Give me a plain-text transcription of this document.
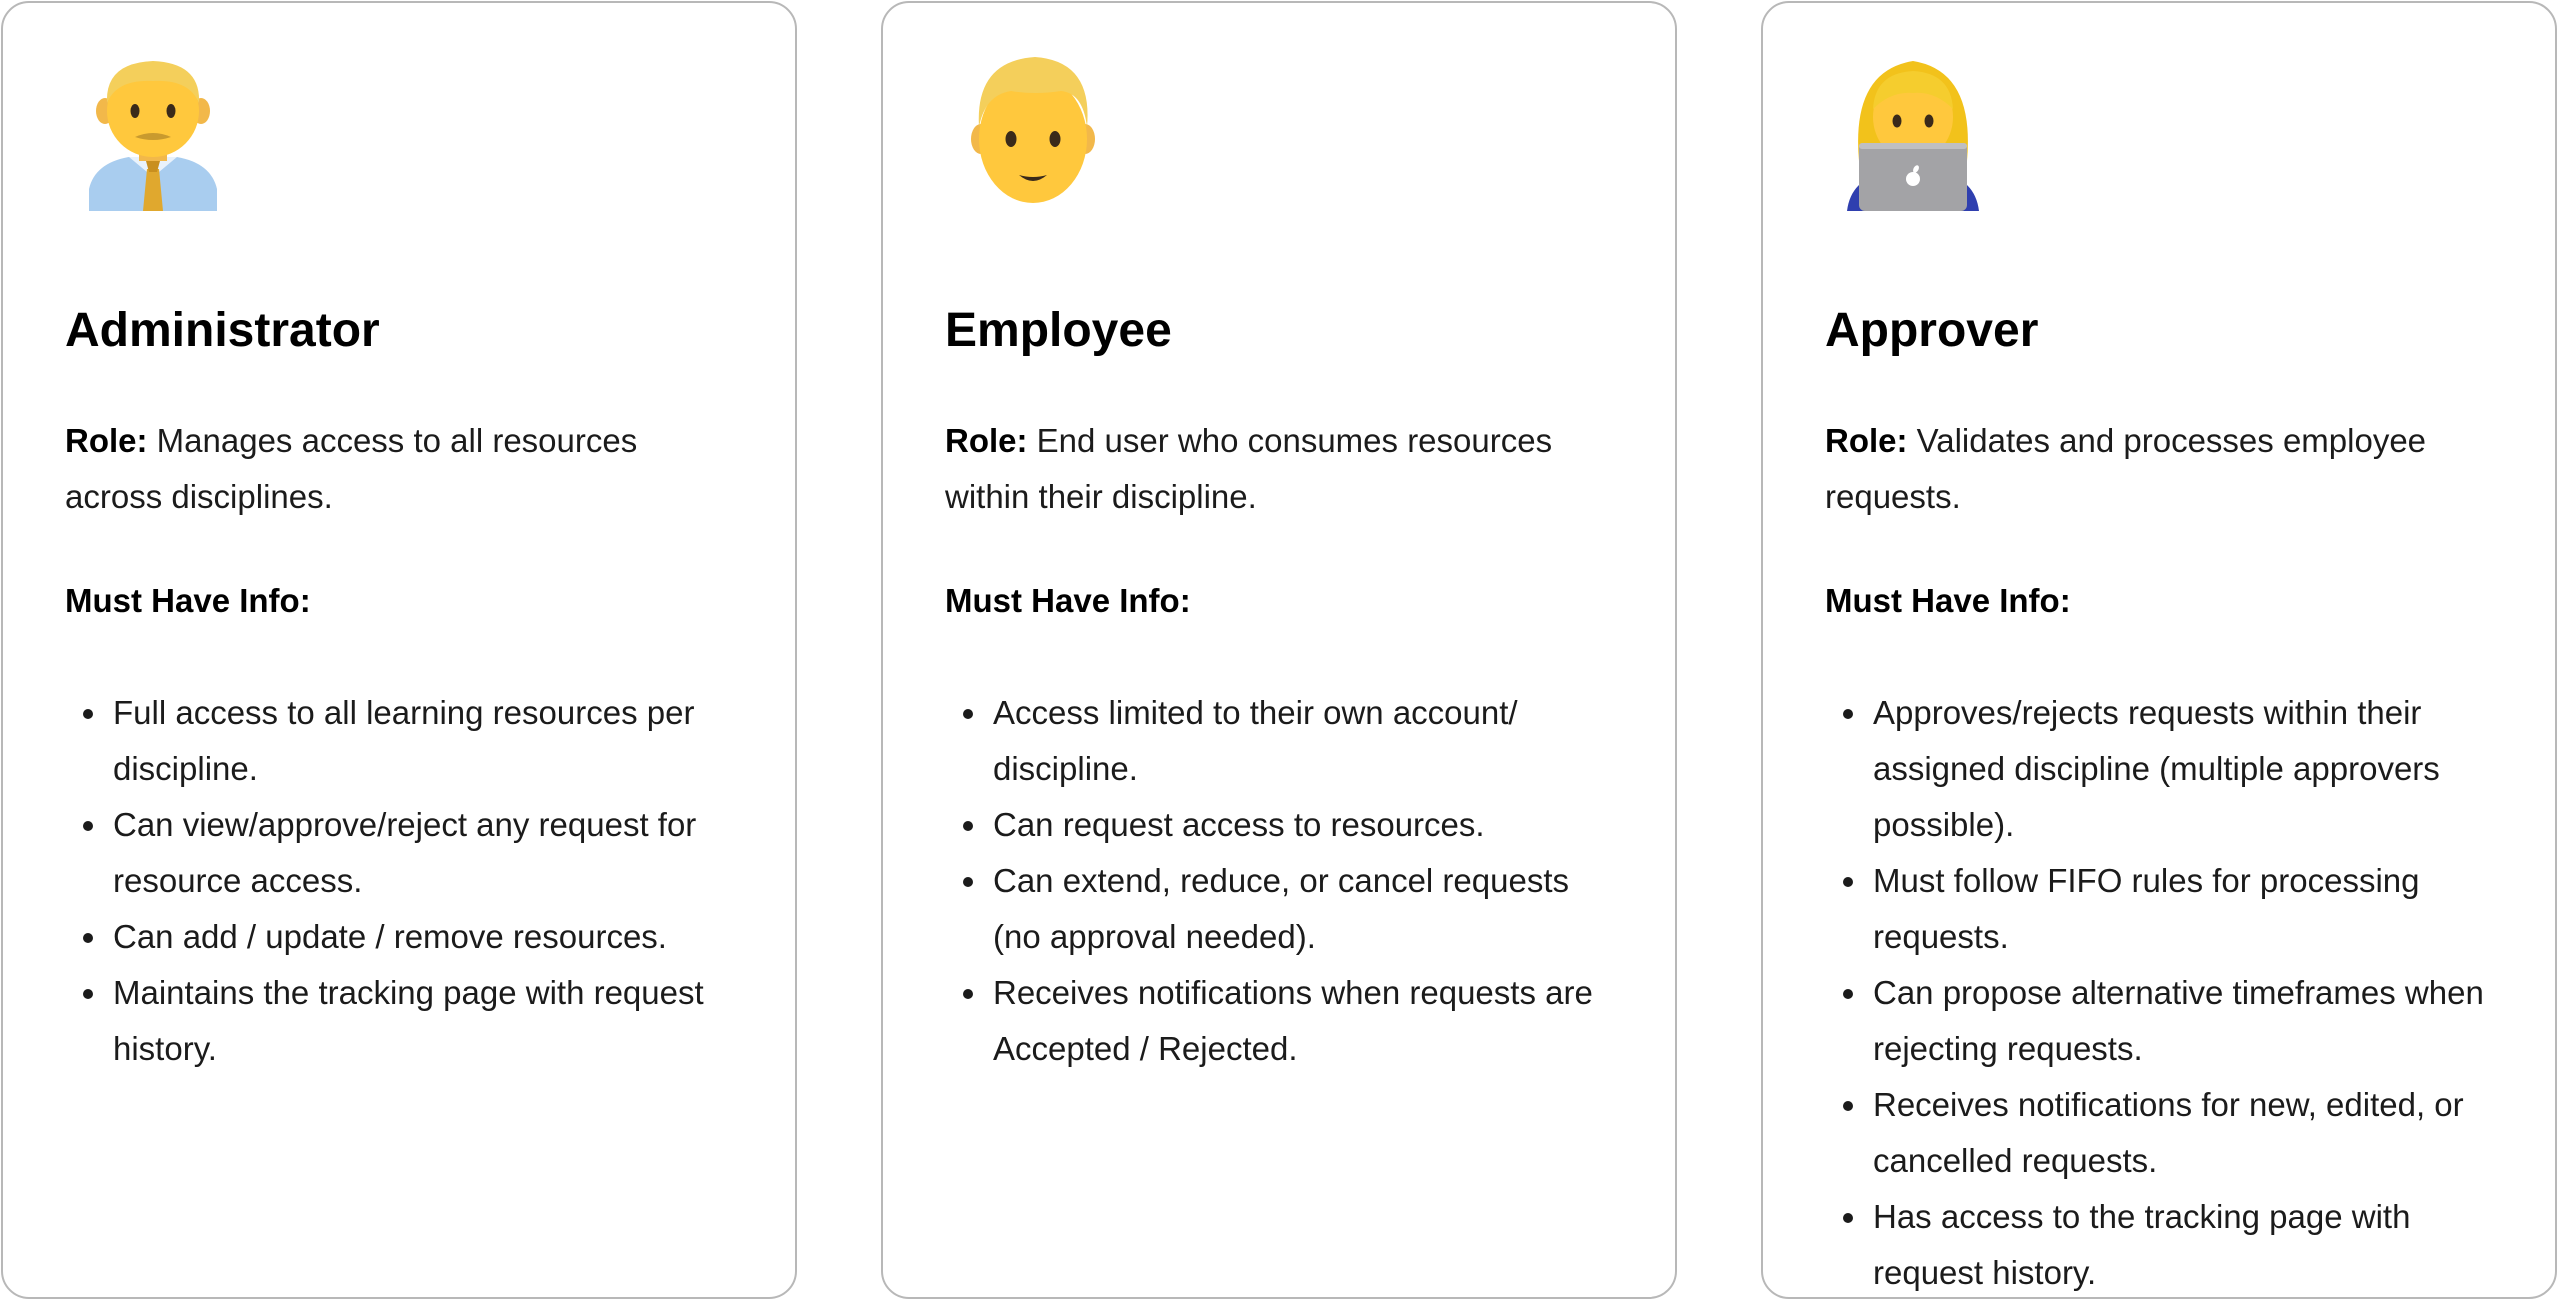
Administrator

Role: Manages access to all resources across disciplines.

Must Have Info:

Full access to all learning resources per discipline.
Can view/approve/reject any request for resource access.
Can add / update / remove resources.
Maintains the tracking page with request history.
Employee

Role: End user who consumes resources within their discipline.

Must Have Info:

Access limited to their own account/ discipline.
Can request access to resources.
Can extend, reduce, or cancel requests (no approval needed).
Receives notifications when requests are Accepted / Rejected.
Approver

Role: Validates and processes employee requests.

Must Have Info:

Approves/rejects requests within their assigned discipline (multiple approvers possible).
Must follow FIFO rules for processing requests.
Can propose alternative timeframes when rejecting requests.
Receives notifications for new, edited, or cancelled requests.
Has access to the tracking page with request history.
